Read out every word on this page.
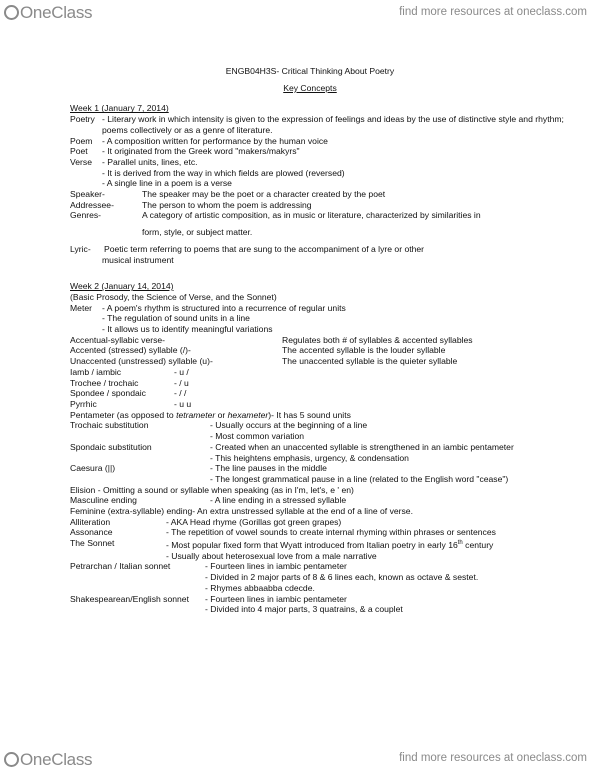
OneClass	find more resources at oneclass.com
ENGB04H3S- Critical Thinking About Poetry
Key Concepts
Week 1 (January 7, 2014)
Poetry - Literary work in which intensity is given to the expression of feelings and ideas by the use of distinctive style and rhythm; poems collectively or as a genre of literature.
Poem	- A composition written for performance by the human voice
Poet	- It originated from the Greek word "makers/makyrs"
Verse	- Parallel units, lines, etc.
- It is derived from the way in which fields are plowed (reversed)
- A single line in a poem is a verse
Speaker-	The speaker may be the poet or a character created by the poet
Addressee-	The person to whom the poem is addressing
Genres-	A category of artistic composition, as in music or literature, characterized by similarities in
form, style, or subject matter.
Lyric-	Poetic term referring to poems that are sung to the accompaniment of a lyre or other
musical instrument
Week 2 (January 14, 2014)
(Basic Prosody, the Science of Verse, and the Sonnet)
Meter	- A poem's rhythm is structured into a recurrence of regular units
- The regulation of sound units in a line
- It allows us to identify meaningful variations
Accentual-syllabic verse-	Regulates both # of syllables & accented syllables
Accented (stressed) syllable (/)-	The accented syllable is the louder syllable
Unaccented (unstressed) syllable (u)-	The unaccented syllable is the quieter syllable
Iamb / iambic	- u /
Trochee / trochaic	- / u
Spondee / spondaic	- / /
Pyrrhic	- u u
Pentameter (as opposed to tetrameter or hexameter)- It has 5 sound units
Trochaic substitution	- Usually occurs at the beginning of a line
- Most common variation
Spondaic substitution	- Created when an unaccented syllable is strengthened in an iambic pentameter
- This heightens emphasis, urgency, & condensation
Caesura (||)	- The line pauses in the middle
- The longest grammatical pause in a line (related to the English word "cease")
Elision - Omitting a sound or syllable when speaking (as in I'm, let's, e ' en)
Masculine ending	- A line ending in a stressed syllable
Feminine (extra-syllable) ending- An extra unstressed syllable at the end of a line of verse.
Alliteration	- AKA Head rhyme (Gorillas got green grapes)
Assonance	- The repetition of vowel sounds to create internal rhyming within phrases or sentences
The Sonnet	- Most popular fixed form that Wyatt introduced from Italian poetry in early 16th century
- Usually about heterosexual love from a male narrative
Petrarchan / Italian sonnet	- Fourteen lines in iambic pentameter
- Divided in 2 major parts of 8 & 6 lines each, known as octave & sestet.
- Rhymes abbaabba cdecde.
Shakespearean/English sonnet	- Fourteen lines in iambic pentameter
- Divided into 4 major parts, 3 quatrains, & a couplet
OneClass	find more resources at oneclass.com
